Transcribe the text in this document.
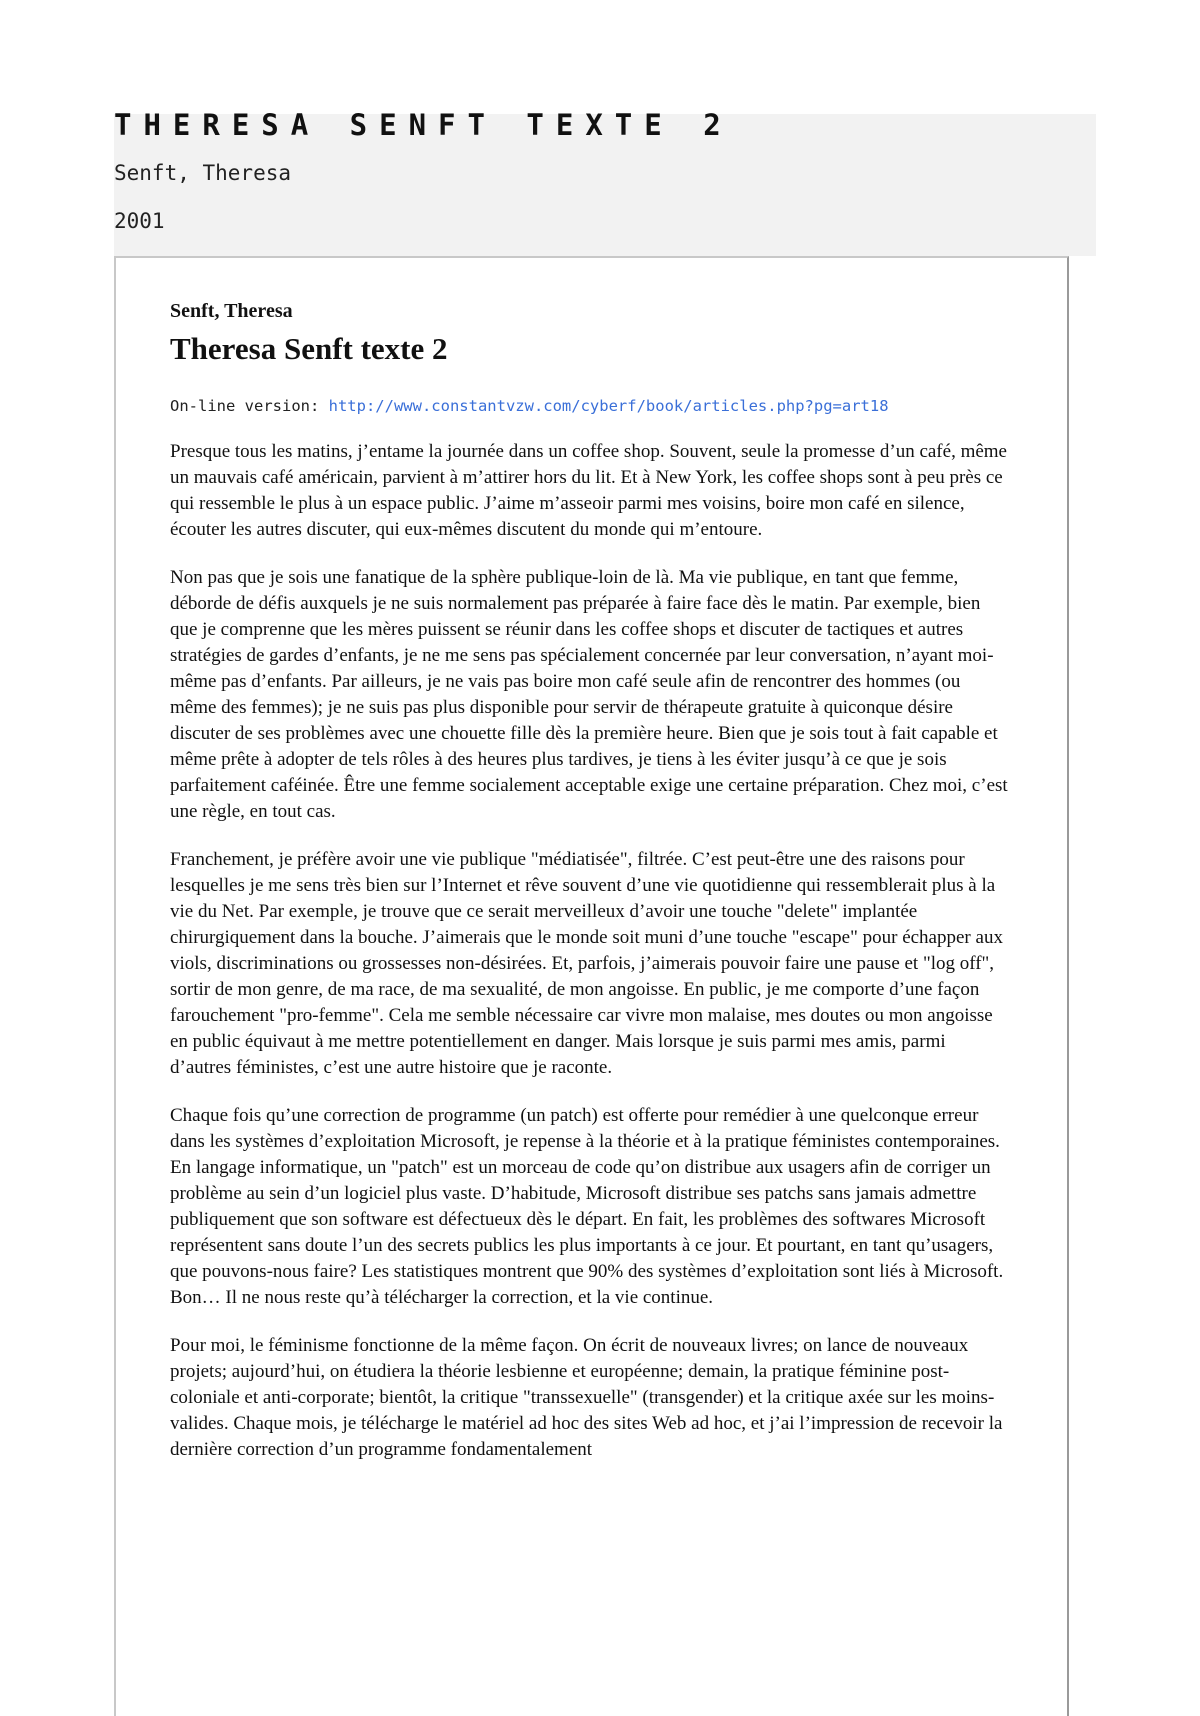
THERESA SENFT TEXTE 2

Senft, Theresa

2001

Senft, Theresa
Theresa Senft texte 2

On-line version: http://www.constantvzw.com/cyberf/book/articles.php?pg=art18

Presque tous les matins, j’entame la journée dans un coffee shop. Souvent, seule la promesse d’un café, même un mauvais café américain, parvient à m’attirer hors du lit. Et à New York, les coffee shops sont à peu près ce qui ressemble le plus à un espace public. J’aime m’asseoir parmi mes voisins, boire mon café en silence, écouter les autres discuter, qui eux-mêmes discutent du monde qui m’entoure.

Non pas que je sois une fanatique de la sphère publique-loin de là. Ma vie publique, en tant que femme, déborde de défis auxquels je ne suis normalement pas préparée à faire face dès le matin. Par exemple, bien que je comprenne que les mères puissent se réunir dans les coffee shops et discuter de tactiques et autres stratégies de gardes d’enfants, je ne me sens pas spécialement concernée par leur conversation, n’ayant moi-même pas d’enfants. Par ailleurs, je ne vais pas boire mon café seule afin de rencontrer des hommes (ou même des femmes); je ne suis pas plus disponible pour servir de thérapeute gratuite à quiconque désire discuter de ses problèmes avec une chouette fille dès la première heure. Bien que je sois tout à fait capable et même prête à adopter de tels rôles à des heures plus tardives, je tiens à les éviter jusqu’à ce que je sois parfaitement caféinée. Être une femme socialement acceptable exige une certaine préparation. Chez moi, c’est une règle, en tout cas.

Franchement, je préfère avoir une vie publique "médiatisée", filtrée. C’est peut-être une des raisons pour lesquelles je me sens très bien sur l’Internet et rêve souvent d’une vie quotidienne qui ressemblerait plus à la vie du Net. Par exemple, je trouve que ce serait merveilleux d’avoir une touche "delete" implantée chirurgiquement dans la bouche. J’aimerais que le monde soit muni d’une touche "escape" pour échapper aux viols, discriminations ou grossesses non-désirées. Et, parfois, j’aimerais pouvoir faire une pause et "log off", sortir de mon genre, de ma race, de ma sexualité, de mon angoisse. En public, je me comporte d’une façon farouchement "pro-femme". Cela me semble nécessaire car vivre mon malaise, mes doutes ou mon angoisse en public équivaut à me mettre potentiellement en danger. Mais lorsque je suis parmi mes amis, parmi d’autres féministes, c’est une autre histoire que je raconte.

Chaque fois qu’une correction de programme (un patch) est offerte pour remédier à une quelconque erreur dans les systèmes d’exploitation Microsoft, je repense à la théorie et à la pratique féministes contemporaines. En langage informatique, un "patch" est un morceau de code qu’on distribue aux usagers afin de corriger un problème au sein d’un logiciel plus vaste. D’habitude, Microsoft distribue ses patchs sans jamais admettre publiquement que son software est défectueux dès le départ. En fait, les problèmes des softwares Microsoft représentent sans doute l’un des secrets publics les plus importants à ce jour. Et pourtant, en tant qu’usagers, que pouvons-nous faire? Les statistiques montrent que 90% des systèmes d’exploitation sont liés à Microsoft. Bon… Il ne nous reste qu’à télécharger la correction, et la vie continue.

Pour moi, le féminisme fonctionne de la même façon. On écrit de nouveaux livres; on lance de nouveaux projets; aujourd’hui, on étudiera la théorie lesbienne et européenne; demain, la pratique féminine post-coloniale et anti-corporate; bientôt, la critique "transsexuelle" (transgender) et la critique axée sur les moins-valides. Chaque mois, je télécharge le matériel ad hoc des sites Web ad hoc, et j’ai l’impression de recevoir la dernière correction d’un programme fondamentalement
